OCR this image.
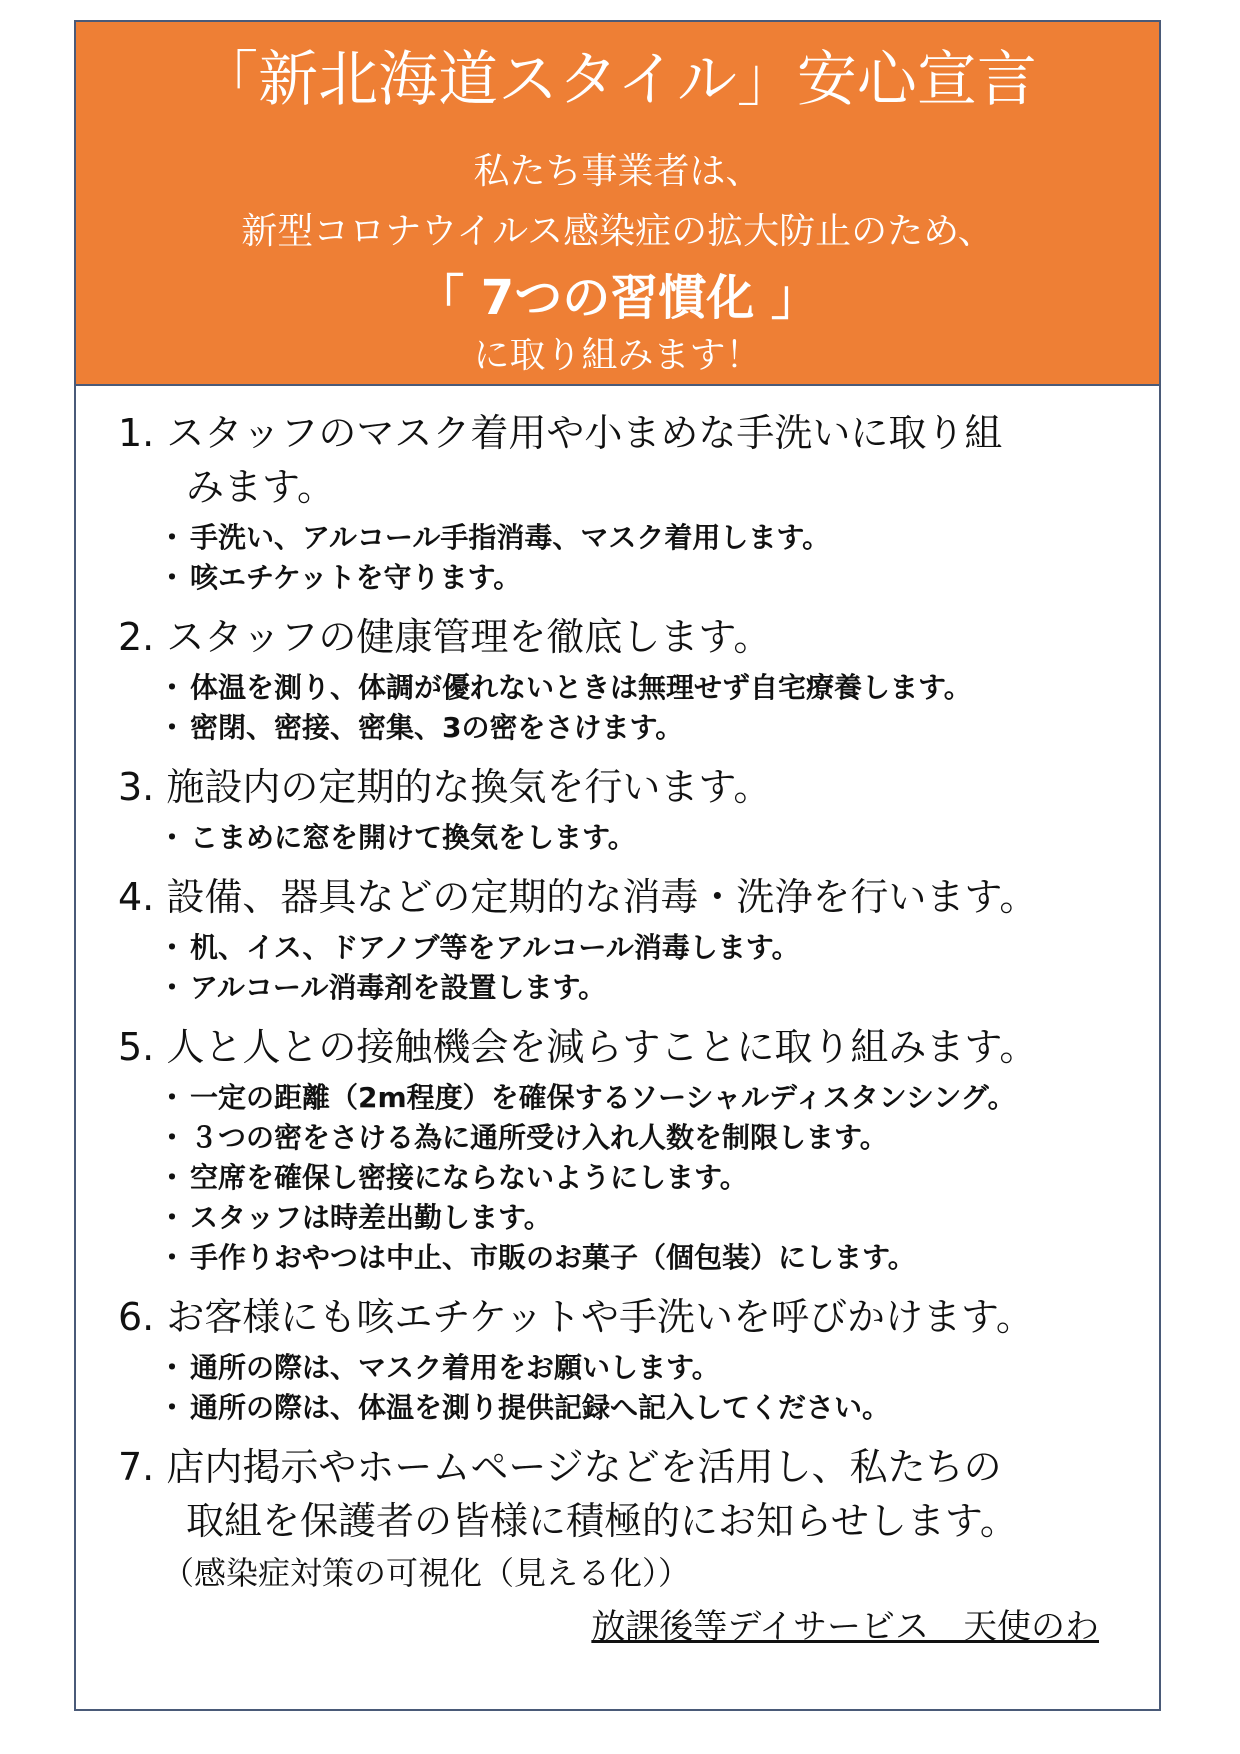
「新北海道スタイル」安心宣言
私たち事業者は、
新型コロナウイルス感染症の拡大防止のため、
「 7つの習慣化 」
に取り組みます！
1. スタッフのマスク着用や小まめな手洗いに取り組
みます。
・ 手洗い、アルコール手指消毒、マスク着用します。
・ 咳エチケットを守ります。
2. スタッフの健康管理を徹底します。
・ 体温を測り、体調が優れないときは無理せず自宅療養します。
・ 密閉、密接、密集、3の密をさけます。
3. 施設内の定期的な換気を行います。
・ こまめに窓を開けて換気をします。
4. 設備、器具などの定期的な消毒・洗浄を行います。
・ 机、イス、ドアノブ等をアルコール消毒します。
・ アルコール消毒剤を設置します。
5. 人と人との接触機会を減らすことに取り組みます。
・ 一定の距離（2m程度）を確保するソーシャルディスタンシング。
・ ３つの密をさける為に通所受け入れ人数を制限します。
・ 空席を確保し密接にならないようにします。
・ スタッフは時差出勤します。
・ 手作りおやつは中止、市販のお菓子（個包装）にします。
6. お客様にも咳エチケットや手洗いを呼びかけます。
・ 通所の際は、マスク着用をお願いします。
・ 通所の際は、体温を測り提供記録へ記入してください。
7. 店内掲示やホームページなどを活用し、私たちの
取組を保護者の皆様に積極的にお知らせします。
（感染症対策の可視化（見える化））
放課後等デイサービス　天使のわ
